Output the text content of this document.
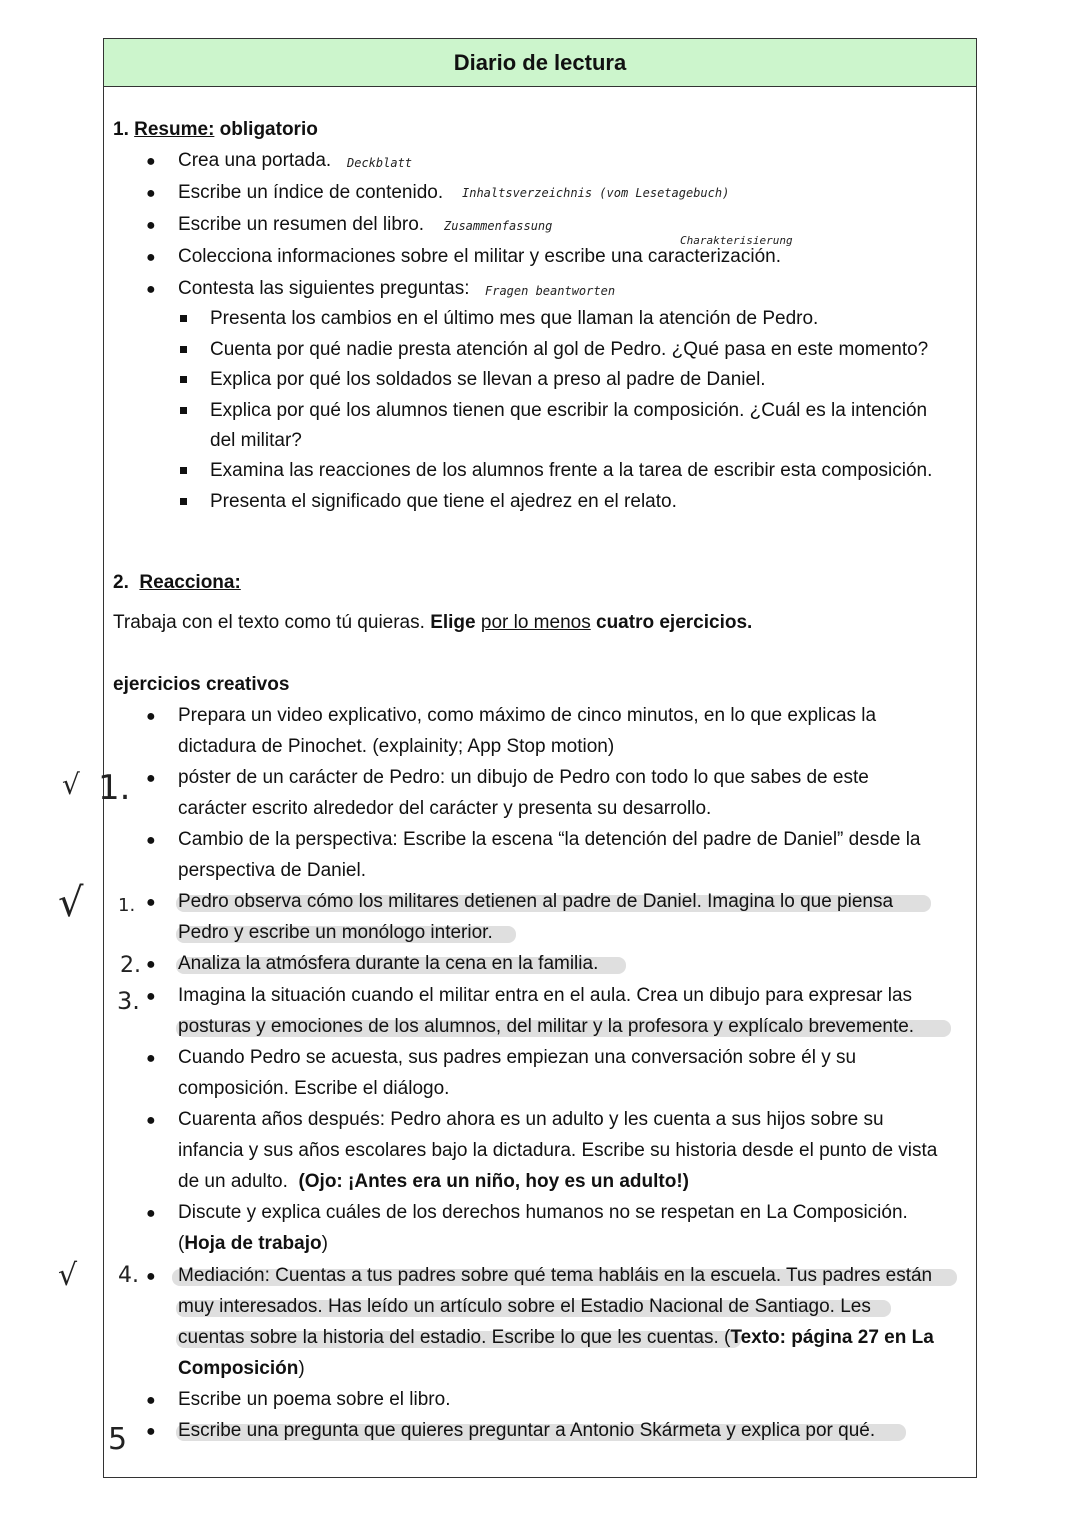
Diario de lectura
1. Resume: obligatorio
● Crea una portada.
● Escribe un índice de contenido.
● Escribe un resumen del libro.
● Colecciona informaciones sobre el militar y escribe una caracterización.
● Contesta las siguientes preguntas:
Deckblatt
Inhaltsverzeichnis (vom Lesetagebuch)
Zusammenfassung
Charakterisierung
Fragen beantworten
Presenta los cambios en el último mes que llaman la atención de Pedro.
Cuenta por qué nadie presta atención al gol de Pedro. ¿Qué pasa en este momento?
Explica por qué los soldados se llevan a preso al padre de Daniel.
Explica por qué los alumnos tienen que escribir la composición. ¿Cuál es la intención
del militar?
Examina las reacciones de los alumnos frente a la tarea de escribir esta composición.
Presenta el significado que tiene el ajedrez en el relato.
2. Reacciona:
Trabaja con el texto como tú quieras. Elige por lo menos cuatro ejercicios.
ejercicios creativos
● Prepara un video explicativo, como máximo de cinco minutos, en lo que explicas la
dictadura de Pinochet. (explainity; App Stop motion)
● póster de un carácter de Pedro: un dibujo de Pedro con todo lo que sabes de este
carácter escrito alrededor del carácter y presenta su desarrollo.
● Cambio de la perspectiva: Escribe la escena “la detención del padre de Daniel” desde la
perspectiva de Daniel.
● Pedro observa cómo los militares detienen al padre de Daniel. Imagina lo que piensa
Pedro y escribe un monólogo interior.
● Analiza la atmósfera durante la cena en la familia.
● Imagina la situación cuando el militar entra en el aula. Crea un dibujo para expresar las
posturas y emociones de los alumnos, del militar y la profesora y explícalo brevemente.
● Cuando Pedro se acuesta, sus padres empiezan una conversación sobre él y su
composición. Escribe el diálogo.
● Cuarenta años después: Pedro ahora es un adulto y les cuenta a sus hijos sobre su
infancia y sus años escolares bajo la dictadura. Escribe su historia desde el punto de vista
de un adulto. (Ojo: ¡Antes era un niño, hoy es un adulto!)
● Discute y explica cuáles de los derechos humanos no se respetan en La Composición.
(Hoja de trabajo)
● Mediación: Cuentas a tus padres sobre qué tema habláis en la escuela. Tus padres están
muy interesados. Has leído un artículo sobre el Estadio Nacional de Santiago. Les
cuentas sobre la historia del estadio. Escribe lo que les cuentas. (Texto: página 27 en La
Composición)
● Escribe un poema sobre el libro.
● Escribe una pregunta que quieres preguntar a Antonio Skármeta y explica por qué.
√ 1.
√ 1.
2.
3.
√ 4.
5
